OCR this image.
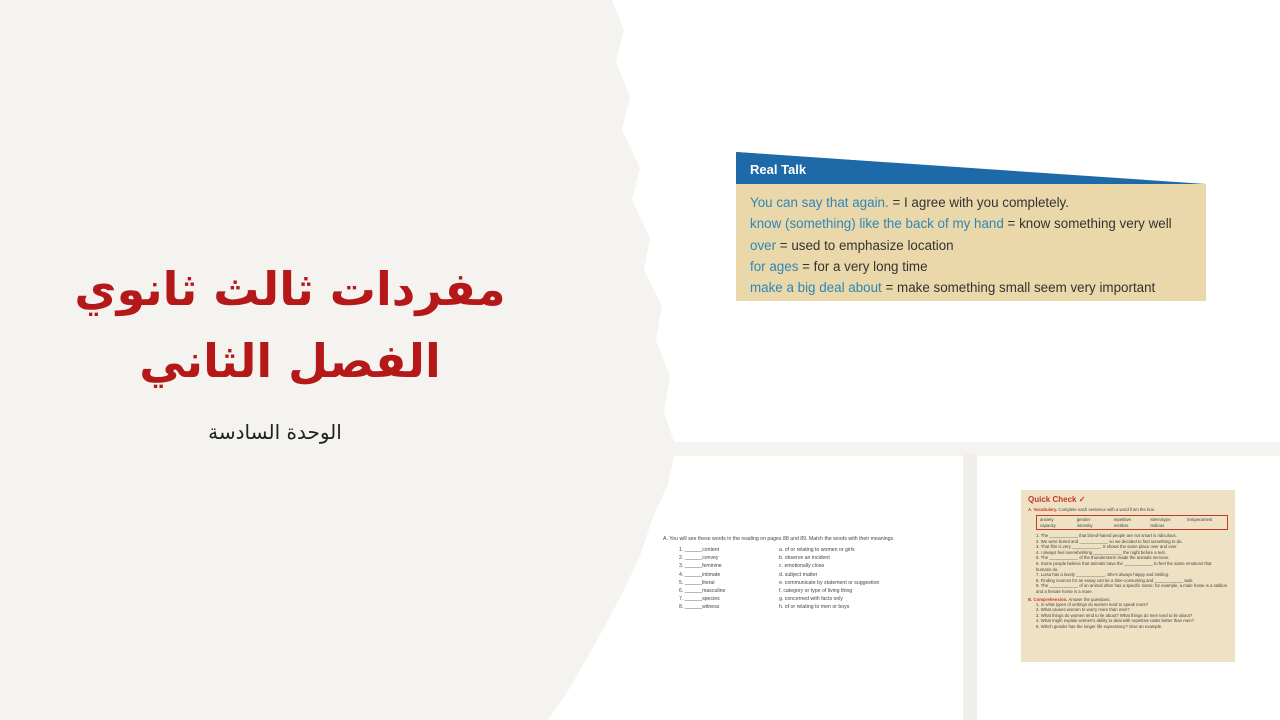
مفردات ثالث ثانوي
الفصل الثاني
الوحدة السادسة
Real Talk
You can say that again. = I agree with you completely.
know (something) like the back of my hand = know something very well
over = used to emphasize location
for ages = for a very long time
make a big deal about = make something small seem very important
A. You will see these words in the reading on pages 88 and 89. Match the words with their meanings.
1. ______content	a. of or relating to women or girls
2. ______convey	b. observe an incident
3. ______feminine	c. emotionally close
4. ______intimate	d. subject matter
5. ______literal	e. communicate by statement or suggestion
6. ______masculine	f. category or type of living thing
7. ______species	g. concerned with facts only
8. ______witness	h. of or relating to men or boys
Quick Check ✓
A. Vocabulary. Complete each sentence with a word from the box.
anxiety	gender	repetitive	stereotype	temperament
capacity	intensity	restless	tedious
1. The ____________ that blond-haired people are not smart is ridiculous.
2. We were bored and ____________ so we decided to find something to do.
3. That film is very ____________. It shows the same place over and over.
4. I always feel overwhelming ____________ the night before a test.
5. The ____________ of the thunderstorm made the animals nervous.
6. Some people believe that animals have the ____________ to feel the same emotions that humans do.
7. Luisa has a lovely ____________. She's always happy and smiling.
8. Finding sources for an essay can be a time-consuming and ____________ task.
9. The ____________ of an animal often has a specific name; for example, a male horse is a stallion and a female horse is a mare.
B. Comprehension. Answer the questions.
1. In what types of settings do women tend to speak more?
2. What causes women to worry more than men?
3. What things do women tend to lie about? What things do men tend to lie about?
4. What might explain women's ability to deal with repetitive tasks better than men?
5. Which gender has the longer life expectancy? Give an example.
